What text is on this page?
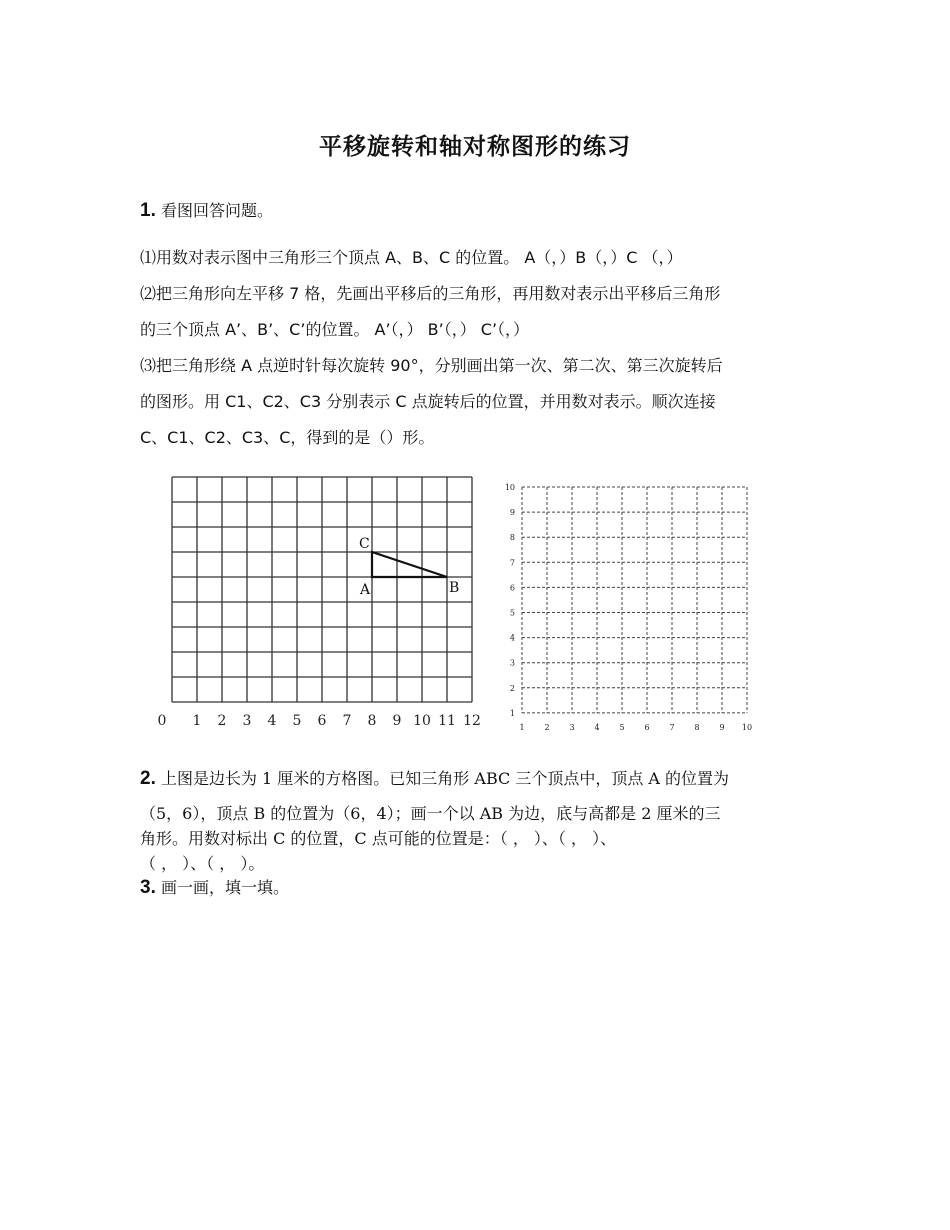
平移旋转和轴对称图形的练习
1. 看图回答问题。
⑴用数对表示图中三角形三个顶点 A、B、C 的位置。 A（，）B（，）C （，）
⑵把三角形向左平移 7 格，先画出平移后的三角形，再用数对表示出平移后三角形
的三个顶点 A’、B’、C’的位置。 A’（，） B’（，） C’（，）
⑶把三角形绕 A 点逆时针每次旋转 90°，分别画出第一次、第二次、第三次旋转后
的图形。用 C1、C2、C3 分别表示 C 点旋转后的位置，并用数对表示。顺次连接
C、C1、C2、C3、C，得到的是（）形。
0 1 2 3 4 5 6 7 8 9 10 11 12
A	B
C
1 2 3 4 5 6 7 8 9 10
1
2
3
4
5
6
7
8
9
10
2. 上图是边长为 1 厘米的方格图。已知三角形 ABC 三个顶点中，顶点 A 的位置为
（5，6），顶点 B 的位置为（6，4）；画一个以 AB 为边，底与高都是 2 厘米的三
角形。用数对标出 C 的位置，C 点可能的位置是：（ ， ）、（ ， ）、
（ ， ）、（ ， ）。
3. 画一画，填一填。
